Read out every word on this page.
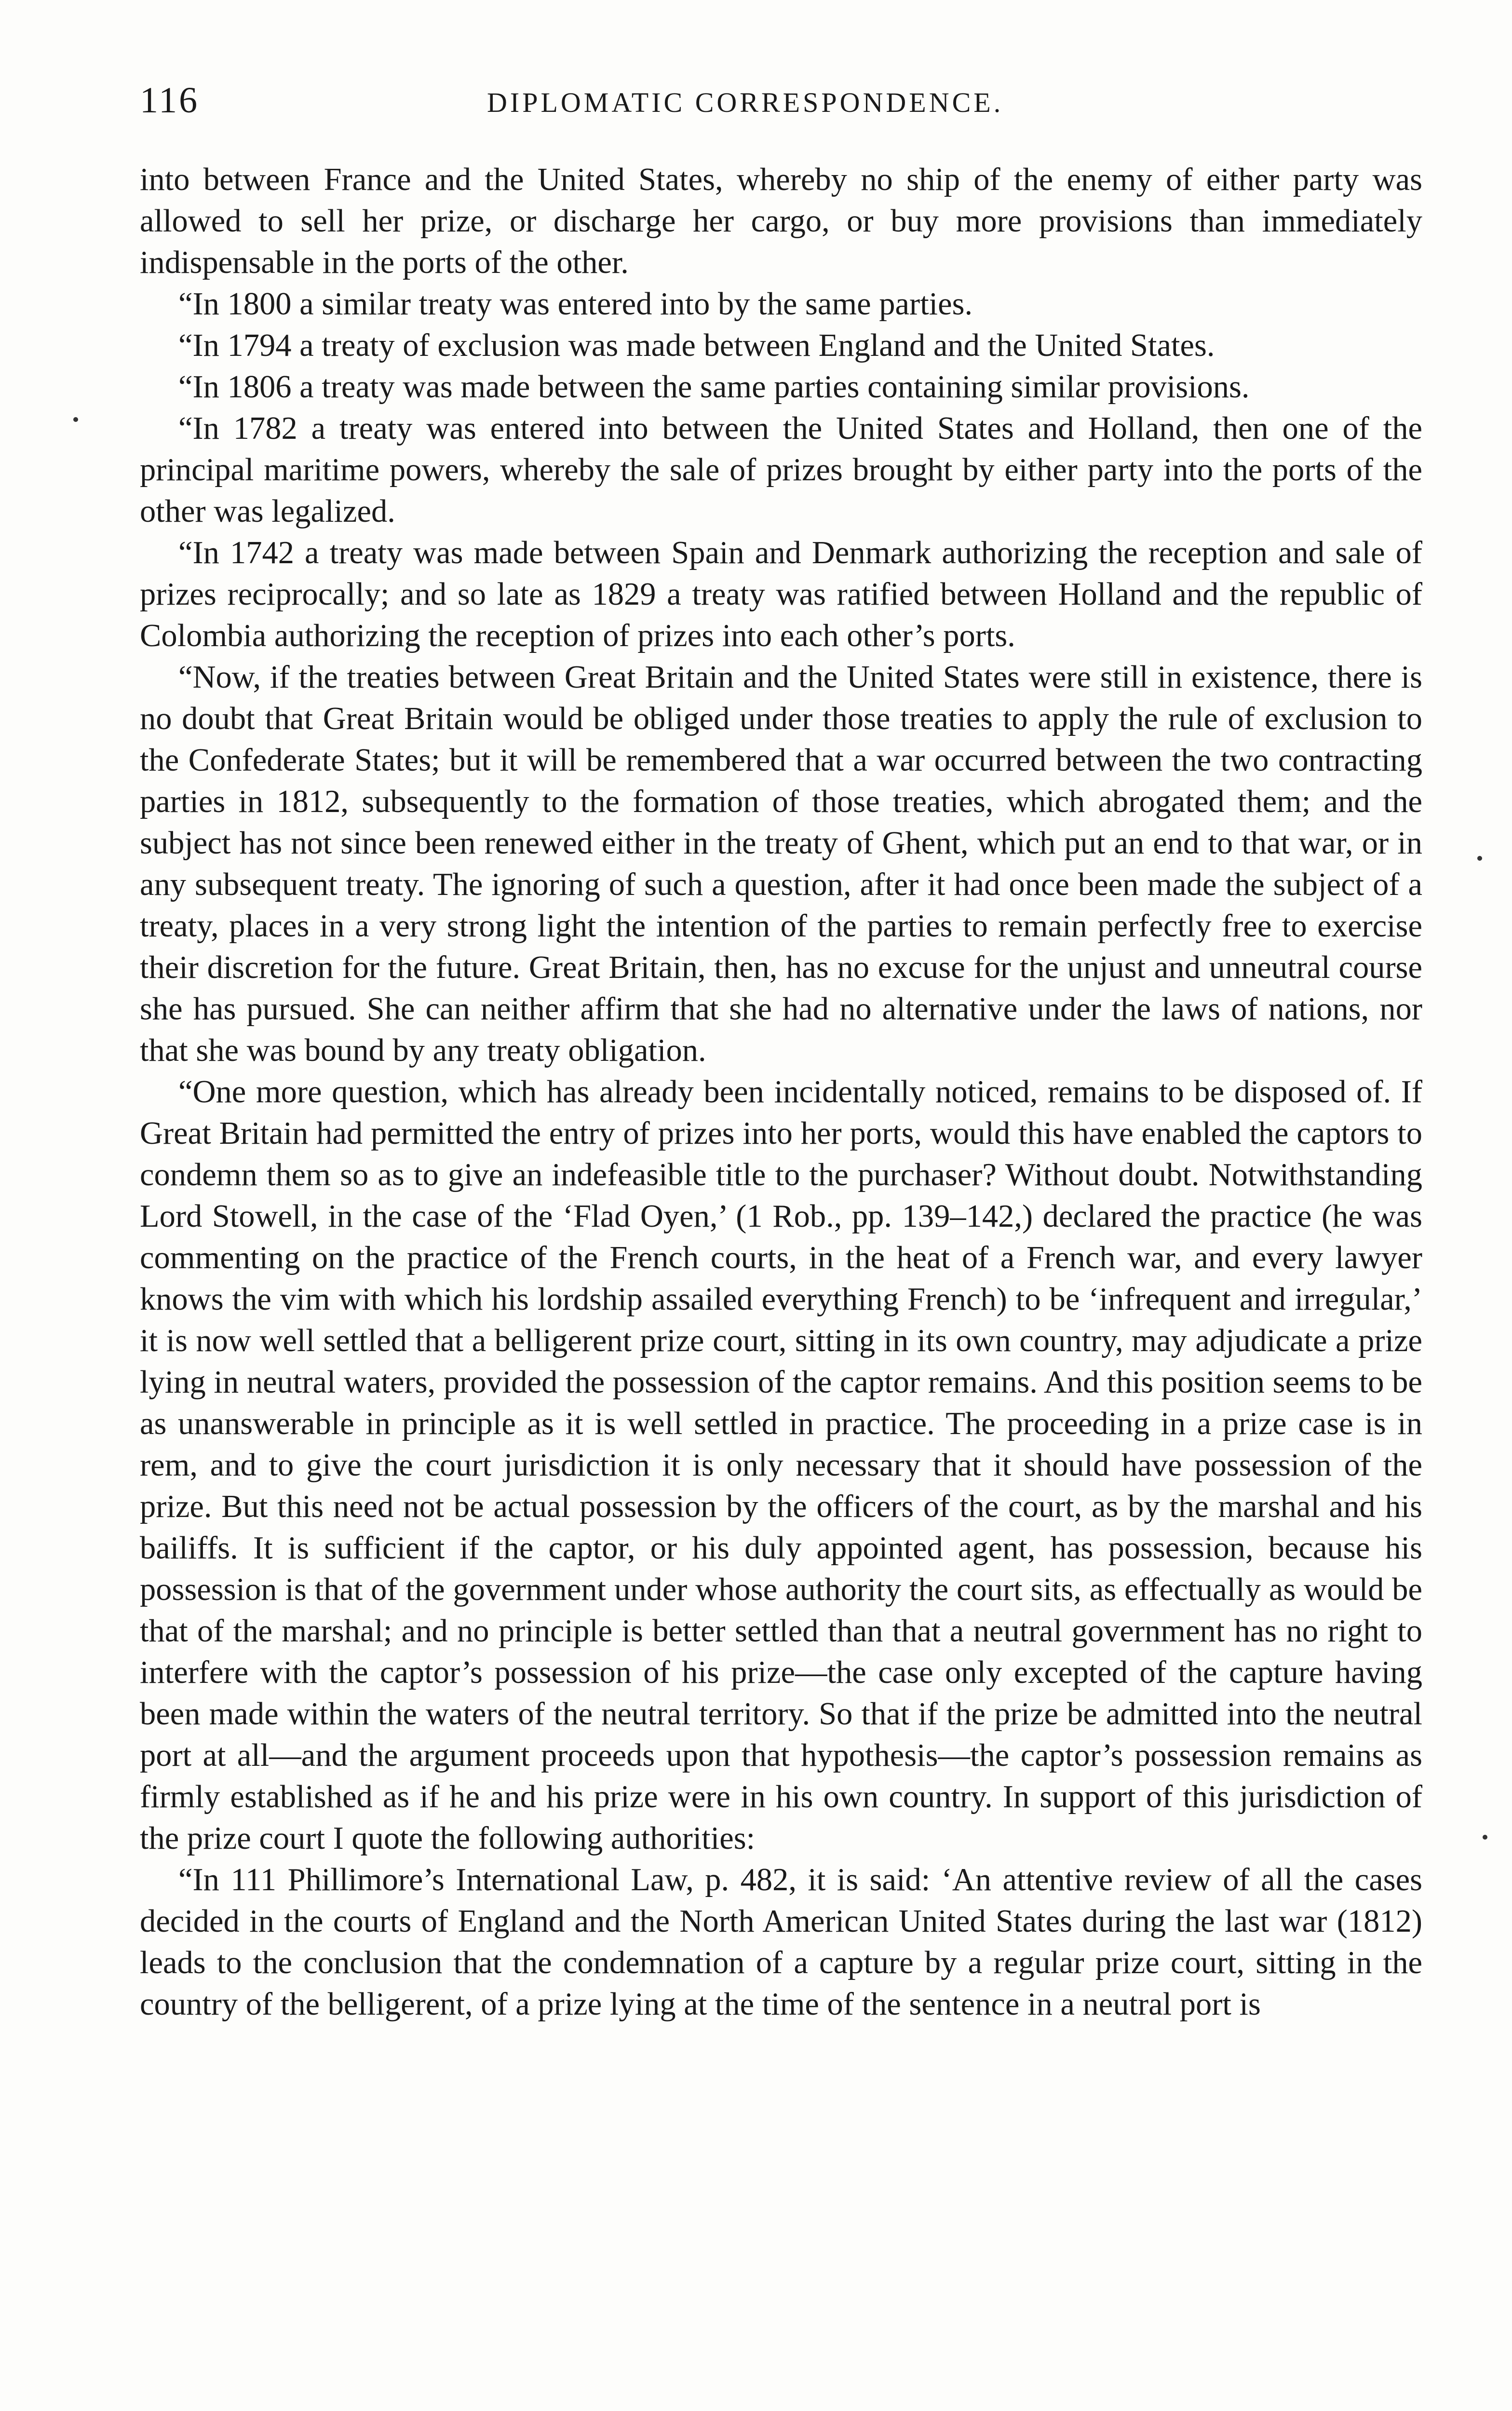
116	DIPLOMATIC CORRESPONDENCE.

into between France and the United States, whereby no ship of the enemy of either party was allowed to sell her prize, or discharge her cargo, or buy more provisions than immediately indispensable in the ports of the other.

“In 1800 a similar treaty was entered into by the same parties.

“In 1794 a treaty of exclusion was made between England and the United States.

“In 1806 a treaty was made between the same parties containing similar provisions.

“In 1782 a treaty was entered into between the United States and Holland, then one of the principal maritime powers, whereby the sale of prizes brought by either party into the ports of the other was legalized.

“In 1742 a treaty was made between Spain and Denmark authorizing the reception and sale of prizes reciprocally; and so late as 1829 a treaty was ratified between Holland and the republic of Colombia authorizing the reception of prizes into each other’s ports.

“Now, if the treaties between Great Britain and the United States were still in existence, there is no doubt that Great Britain would be obliged under those treaties to apply the rule of exclusion to the Confederate States; but it will be remembered that a war occurred between the two contracting parties in 1812, subsequently to the formation of those treaties, which abrogated them; and the subject has not since been renewed either in the treaty of Ghent, which put an end to that war, or in any subsequent treaty. The ignoring of such a question, after it had once been made the subject of a treaty, places in a very strong light the intention of the parties to remain perfectly free to exercise their discretion for the future. Great Britain, then, has no excuse for the unjust and unneutral course she has pursued. She can neither affirm that she had no alternative under the laws of nations, nor that she was bound by any treaty obligation.

“One more question, which has already been incidentally noticed, remains to be disposed of. If Great Britain had permitted the entry of prizes into her ports, would this have enabled the captors to condemn them so as to give an indefeasible title to the purchaser? Without doubt. Notwithstanding Lord Stowell, in the case of the ‘Flad Oyen,’ (1 Rob., pp. 139–142,) declared the practice (he was commenting on the practice of the French courts, in the heat of a French war, and every lawyer knows the vim with which his lordship assailed everything French) to be ‘infrequent and irregular,’ it is now well settled that a belligerent prize court, sitting in its own country, may adjudicate a prize lying in neutral waters, provided the possession of the captor remains. And this position seems to be as unanswerable in principle as it is well settled in practice. The proceeding in a prize case is in rem, and to give the court jurisdiction it is only necessary that it should have possession of the prize. But this need not be actual possession by the officers of the court, as by the marshal and his bailiffs. It is sufficient if the captor, or his duly appointed agent, has possession, because his possession is that of the government under whose authority the court sits, as effectually as would be that of the marshal; and no principle is better settled than that a neutral government has no right to interfere with the captor’s possession of his prize—the case only excepted of the capture having been made within the waters of the neutral territory. So that if the prize be admitted into the neutral port at all—and the argument proceeds upon that hypothesis—the captor’s possession remains as firmly established as if he and his prize were in his own country. In support of this jurisdiction of the prize court I quote the following authorities:

“In 111 Phillimore’s International Law, p. 482, it is said: ‘An attentive review of all the cases decided in the courts of England and the North American United States during the last war (1812) leads to the conclusion that the condemnation of a capture by a regular prize court, sitting in the country of the belligerent, of a prize lying at the time of the sentence in a neutral port is
